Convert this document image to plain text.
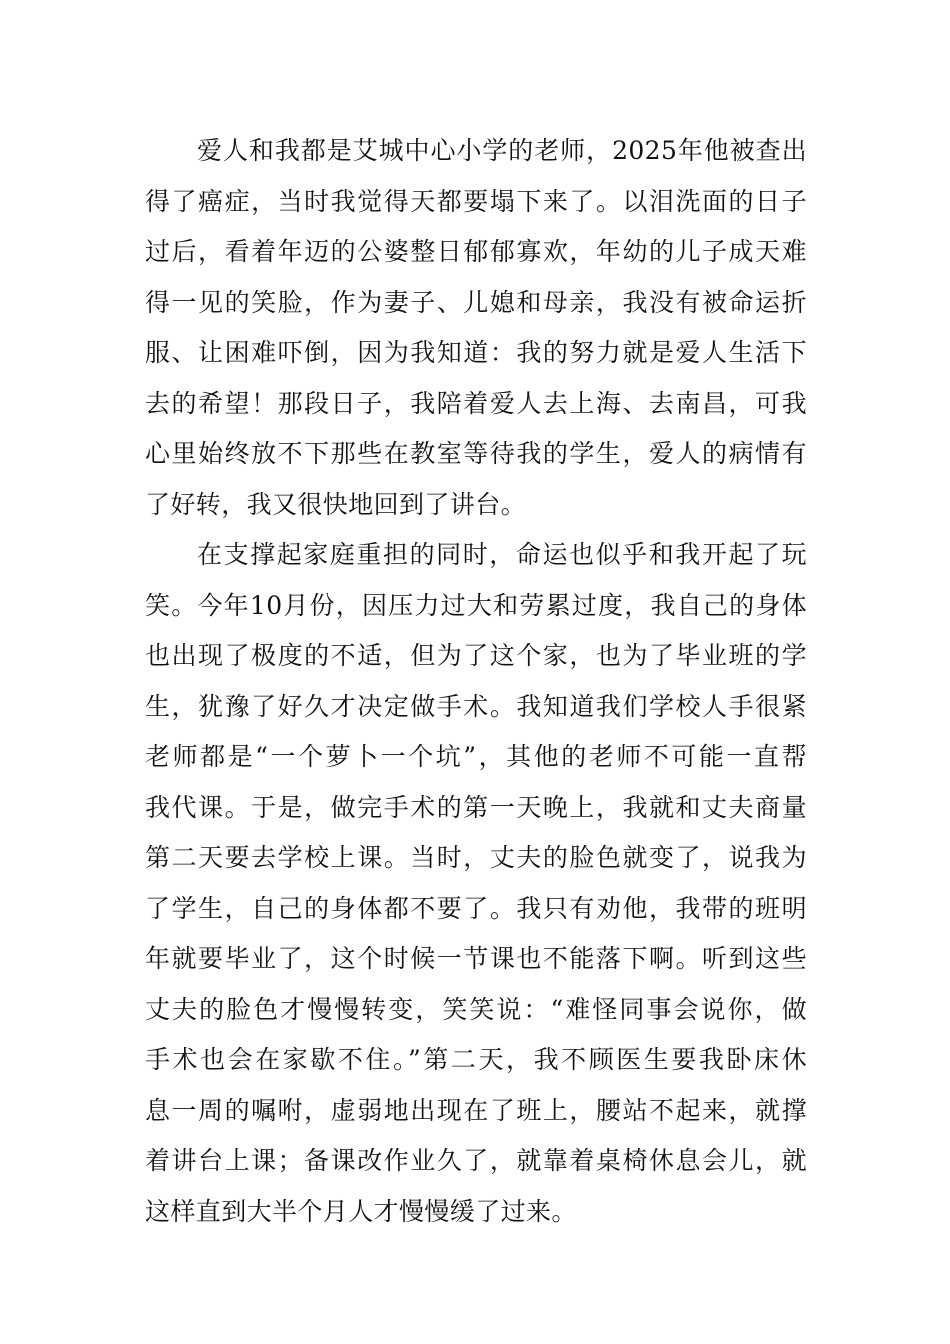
爱人和我都是艾城中心小学的老师，2025年他被查出
得了癌症，当时我觉得天都要塌下来了。以泪洗面的日子
过后，看着年迈的公婆整日郁郁寡欢，年幼的儿子成天难
得一见的笑脸，作为妻子、儿媳和母亲，我没有被命运折
服、让困难吓倒，因为我知道：我的努力就是爱人生活下
去的希望！那段日子，我陪着爱人去上海、去南昌，可我
心里始终放不下那些在教室等待我的学生，爱人的病情有
了好转，我又很快地回到了讲台。
在支撑起家庭重担的同时，命运也似乎和我开起了玩
笑。今年10月份，因压力过大和劳累过度，我自己的身体
也出现了极度的不适，但为了这个家，也为了毕业班的学
生，犹豫了好久才决定做手术。我知道我们学校人手很紧
老师都是“一个萝卜一个坑”，其他的老师不可能一直帮
我代课。于是，做完手术的第一天晚上，我就和丈夫商量
第二天要去学校上课。当时，丈夫的脸色就变了，说我为
了学生，自己的身体都不要了。我只有劝他，我带的班明
年就要毕业了，这个时候一节课也不能落下啊。听到这些
丈夫的脸色才慢慢转变，笑笑说：“难怪同事会说你，做
手术也会在家歇不住。”第二天，我不顾医生要我卧床休
息一周的嘱咐，虚弱地出现在了班上，腰站不起来，就撑
着讲台上课；备课改作业久了，就靠着桌椅休息会儿，就
这样直到大半个月人才慢慢缓了过来。
